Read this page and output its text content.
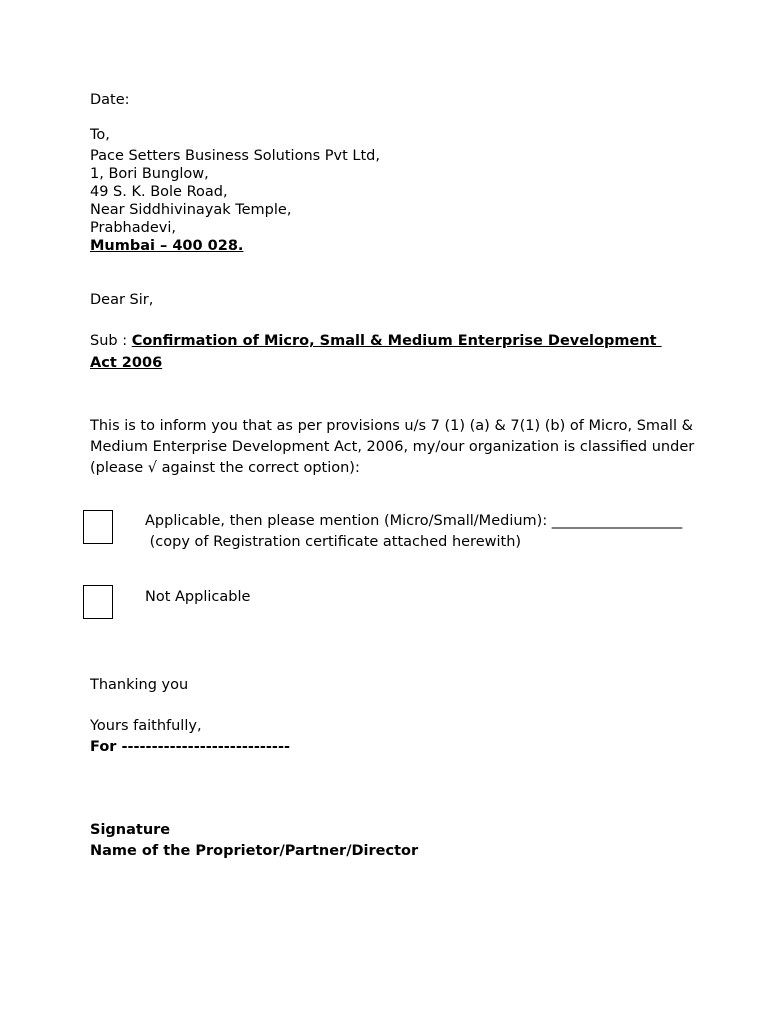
Date:
To,
Pace Setters Business Solutions Pvt Ltd,
1, Bori Bunglow,
49 S. K. Bole Road,
Near Siddhivinayak Temple,
Prabhadevi,
Mumbai – 400 028.
Dear Sir,
Sub : Confirmation of Micro, Small & Medium Enterprise Development
Act 2006
This is to inform you that as per provisions u/s 7 (1) (a) & 7(1) (b) of Micro, Small & Medium Enterprise Development Act, 2006, my/our organization is classified under (please √ against the correct option):
Applicable, then please mention (Micro/Small/Medium): __________________
(copy of Registration certificate attached herewith)
Not Applicable
Thanking you
Yours faithfully,
For ----------------------------
Signature
Name of the Proprietor/Partner/Director
